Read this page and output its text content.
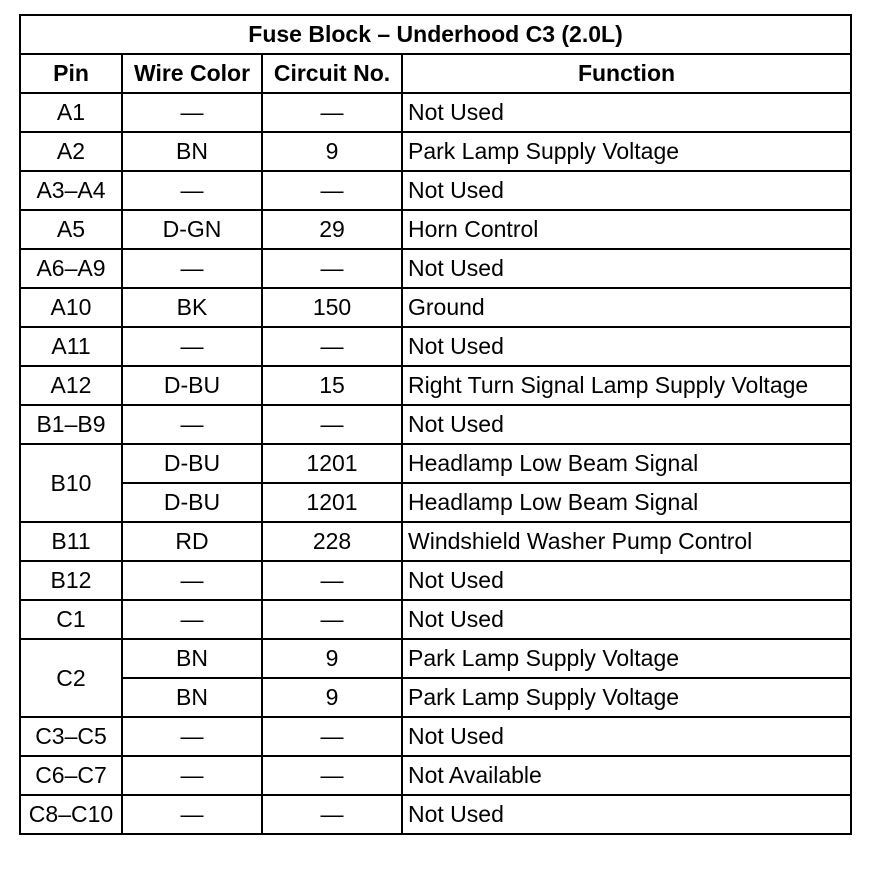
Fuse Block – Underhood C3 (2.0L)			
Pin	Wire Color	Circuit No.	Function
A1	—	—	Not Used
A2	BN	9	Park Lamp Supply Voltage
A3–A4	—	—	Not Used
A5	D-GN	29	Horn Control
A6–A9	—	—	Not Used
A10	BK	150	Ground
A11	—	—	Not Used
A12	D-BU	15	Right Turn Signal Lamp Supply Voltage
B1–B9	—	—	Not Used
B10	D-BU	1201	Headlamp Low Beam Signal
	D-BU	1201	Headlamp Low Beam Signal
B11	RD	228	Windshield Washer Pump Control
B12	—	—	Not Used
C1	—	—	Not Used
C2	BN	9	Park Lamp Supply Voltage
	BN	9	Park Lamp Supply Voltage
C3–C5	—	—	Not Used
C6–C7	—	—	Not Available
C8–C10	—	—	Not Used
